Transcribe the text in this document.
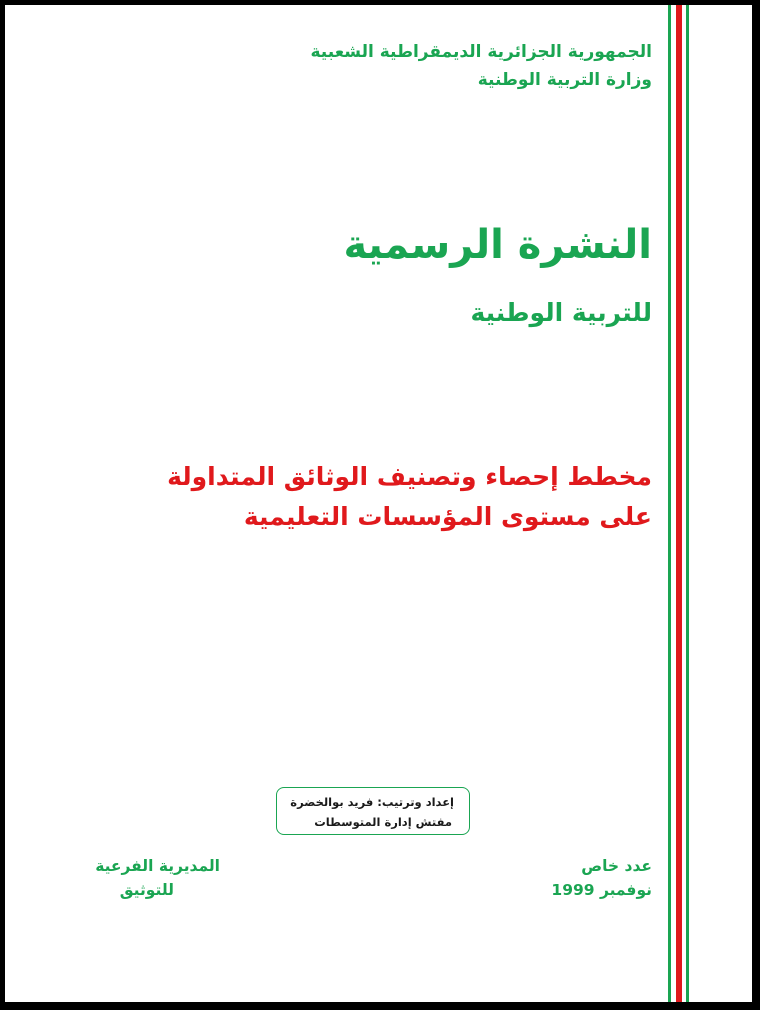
الجمهورية الجزائرية الديمقراطية الشعبية
وزارة التربية الوطنية
النشرة الرسمية
للتربية الوطنية
مخطط إحصاء وتصنيف الوثائق المتداولة
على مستوى المؤسسات التعليمية
إعداد وترتيب: فريد بوالخضرة
مفتش إدارة المتوسطات
عدد خاص
نوفمبر 1999
المديرية الفرعية
للتوثيق
